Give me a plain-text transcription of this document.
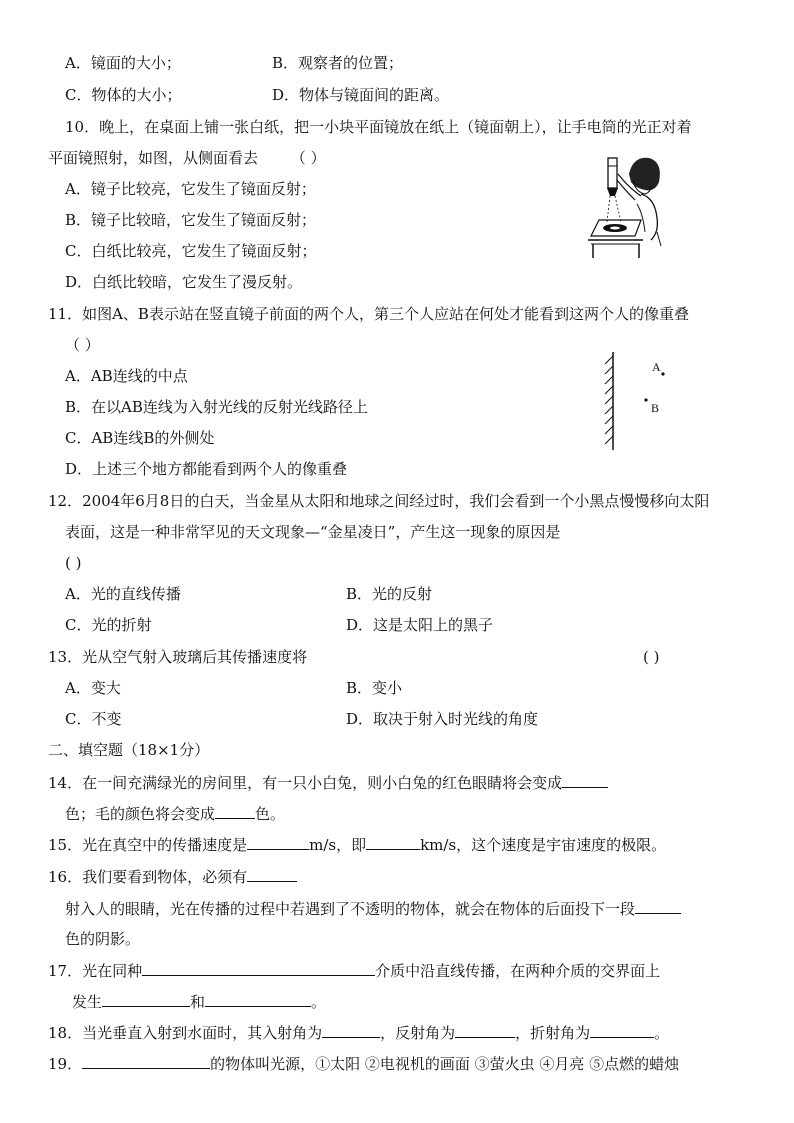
A．镜面的大小；	B．观察者的位置；
C．物体的大小；	D．物体与镜面间的距离。
10．晚上，在桌面上铺一张白纸，把一小块平面镜放在纸上（镜面朝上），让手电筒的光正对着
平面镜照射，如图，从侧面看去 （ ）
A．镜子比较亮，它发生了镜面反射；
B．镜子比较暗，它发生了镜面反射；
C．白纸比较亮，它发生了镜面反射；
D．白纸比较暗，它发生了漫反射。
11．如图A、B表示站在竖直镜子前面的两个人，第三个人应站在何处才能看到这两个人的像重叠
（ ）
A．AB连线的中点
B．在以AB连线为入射光线的反射光线路径上
C．AB连线B的外侧处
D．上述三个地方都能看到两个人的像重叠
A
B
12．2004年6月8日的白天，当金星从太阳和地球之间经过时，我们会看到一个小黑点慢慢移向太阳
表面，这是一种非常罕见的天文现象—“金星凌日”，产生这一现象的原因是
( )
A．光的直线传播	B．光的反射
C．光的折射	D．这是太阳上的黑子
13．光从空气射入玻璃后其传播速度将	( )
A．变大	B．变小
C．不变	D．取决于射入时光线的角度
二、填空题（18×1分）
14．在一间充满绿光的房间里，有一只小白兔，则小白兔的红色眼睛将会变成
色；毛的颜色将会变成	色。
15．光在真空中的传播速度是	m/s，即	km/s，这个速度是宇宙速度的极限。
16．我们要看到物体，必须有
射入人的眼睛，光在传播的过程中若遇到了不透明的物体，就会在物体的后面投下一段
色的阴影。
17．光在同种	介质中沿直线传播，在两种介质的交界面上
发生	和	。
18．当光垂直入射到水面时，其入射角为	，反射角为	，折射角为	。
19．	的物体叫光源，①太阳 ②电视机的画面 ③萤火虫 ④月亮 ⑤点燃的蜡烛
